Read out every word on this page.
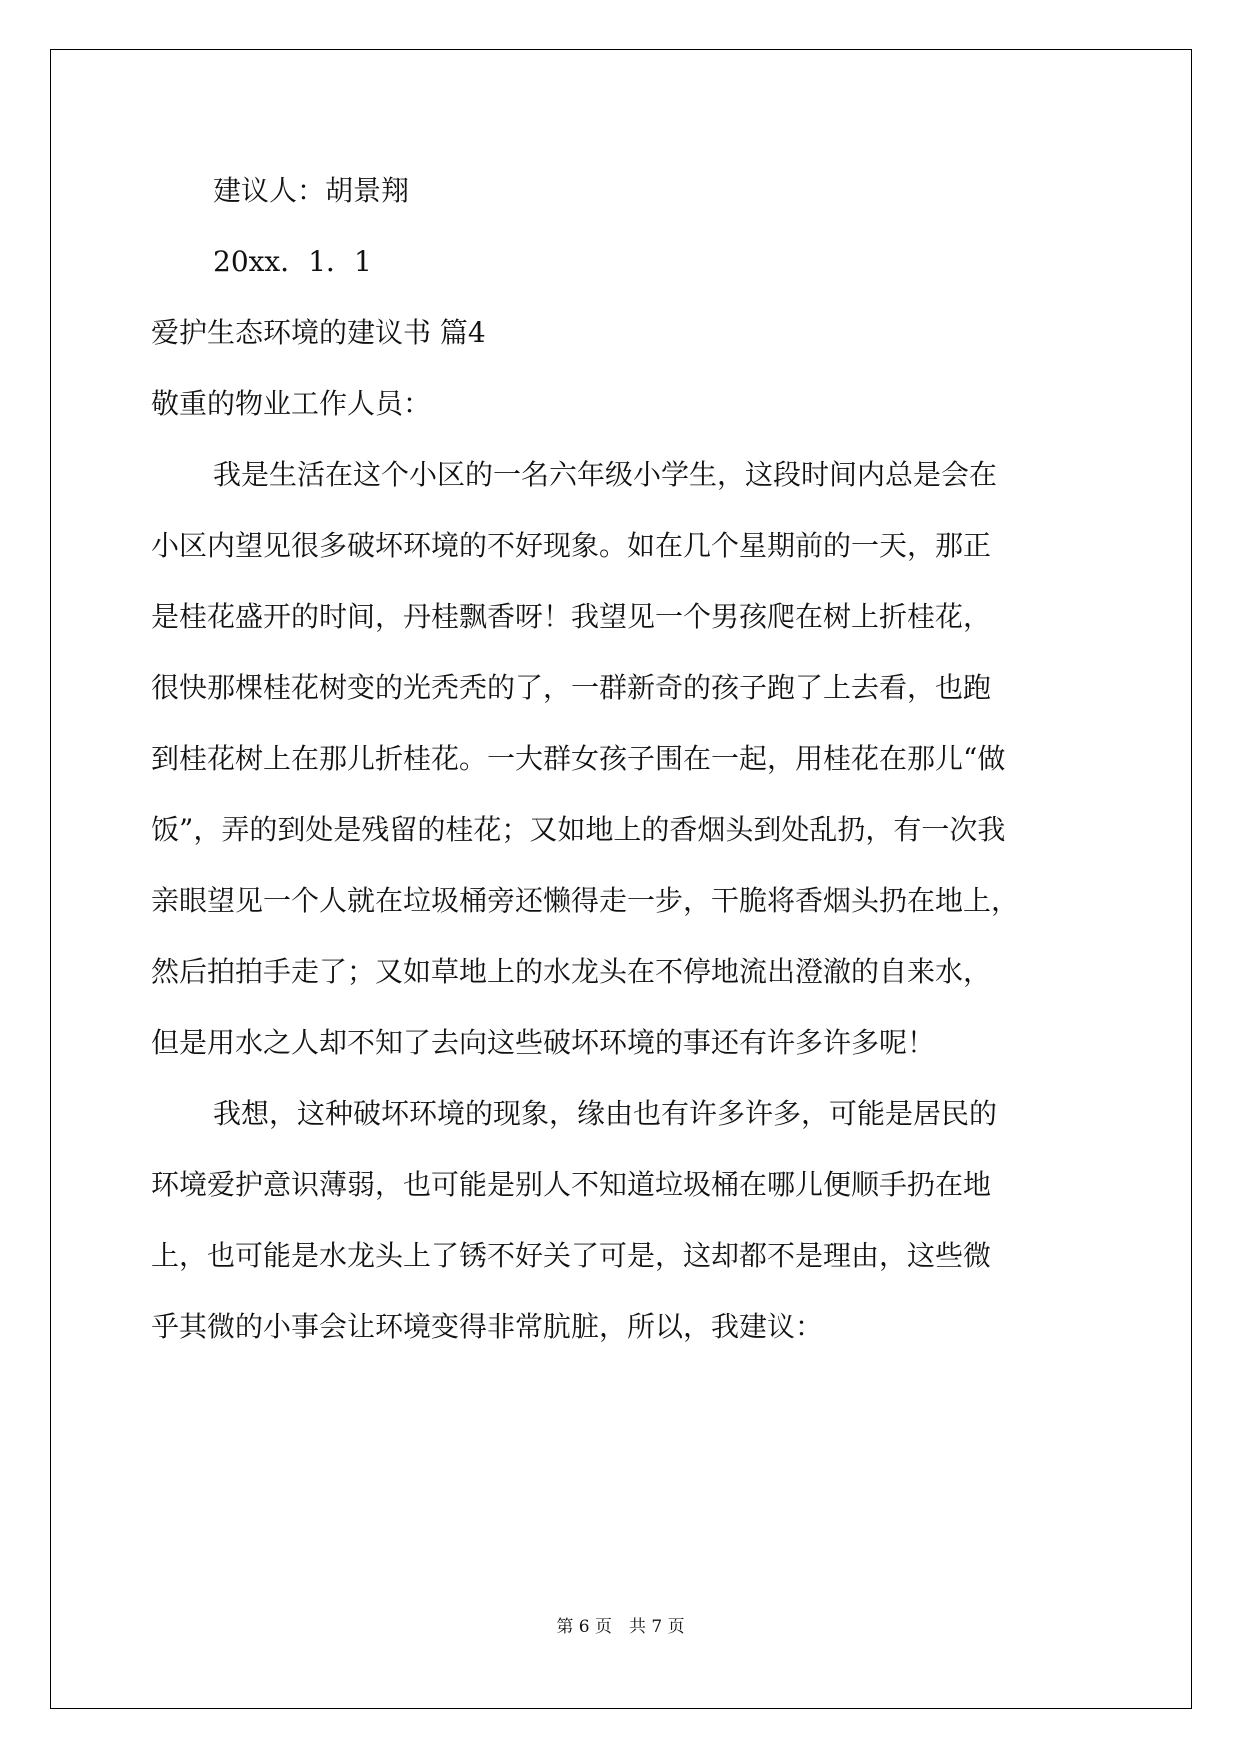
建议人：胡景翔
20xx．1．1
爱护生态环境的建议书 篇4
敬重的物业工作人员：
我是生活在这个小区的一名六年级小学生，这段时间内总是会在
小区内望见很多破坏环境的不好现象。如在几个星期前的一天，那正
是桂花盛开的时间，丹桂飘香呀！我望见一个男孩爬在树上折桂花，
很快那棵桂花树变的光秃秃的了，一群新奇的孩子跑了上去看，也跑
到桂花树上在那儿折桂花。一大群女孩子围在一起，用桂花在那儿“做
饭”，弄的到处是残留的桂花；又如地上的香烟头到处乱扔，有一次我
亲眼望见一个人就在垃圾桶旁还懒得走一步，干脆将香烟头扔在地上，
然后拍拍手走了；又如草地上的水龙头在不停地流出澄澈的自来水，
但是用水之人却不知了去向这些破坏环境的事还有许多许多呢！
我想，这种破坏环境的现象，缘由也有许多许多，可能是居民的
环境爱护意识薄弱，也可能是别人不知道垃圾桶在哪儿便顺手扔在地
上，也可能是水龙头上了锈不好关了可是，这却都不是理由，这些微
乎其微的小事会让环境变得非常肮脏，所以，我建议：
第 6 页　共 7 页
